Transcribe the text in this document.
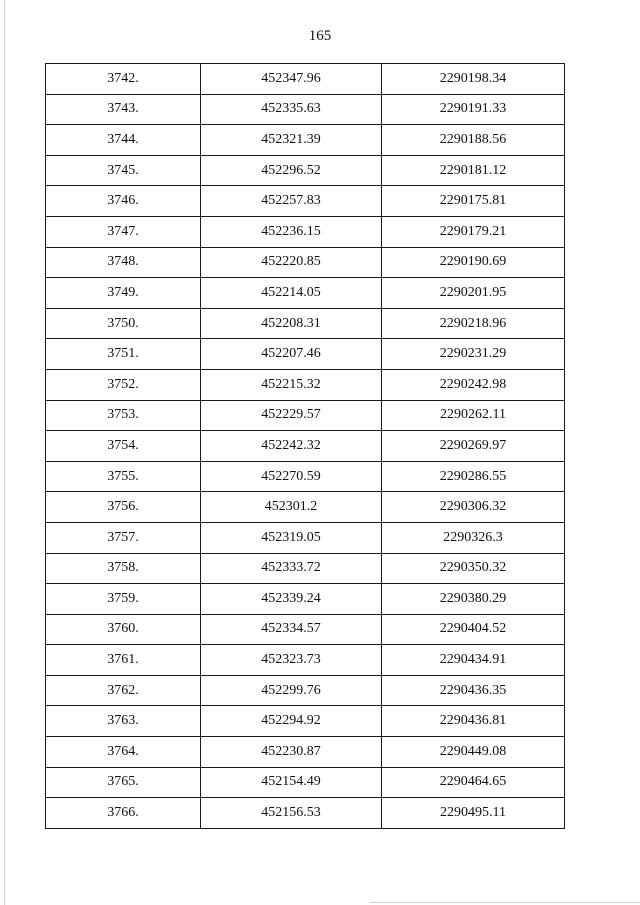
165
3742.	452347.96	2290198.34
3743.	452335.63	2290191.33
3744.	452321.39	2290188.56
3745.	452296.52	2290181.12
3746.	452257.83	2290175.81
3747.	452236.15	2290179.21
3748.	452220.85	2290190.69
3749.	452214.05	2290201.95
3750.	452208.31	2290218.96
3751.	452207.46	2290231.29
3752.	452215.32	2290242.98
3753.	452229.57	2290262.11
3754.	452242.32	2290269.97
3755.	452270.59	2290286.55
3756.	452301.2	2290306.32
3757.	452319.05	2290326.3
3758.	452333.72	2290350.32
3759.	452339.24	2290380.29
3760.	452334.57	2290404.52
3761.	452323.73	2290434.91
3762.	452299.76	2290436.35
3763.	452294.92	2290436.81
3764.	452230.87	2290449.08
3765.	452154.49	2290464.65
3766.	452156.53	2290495.11
